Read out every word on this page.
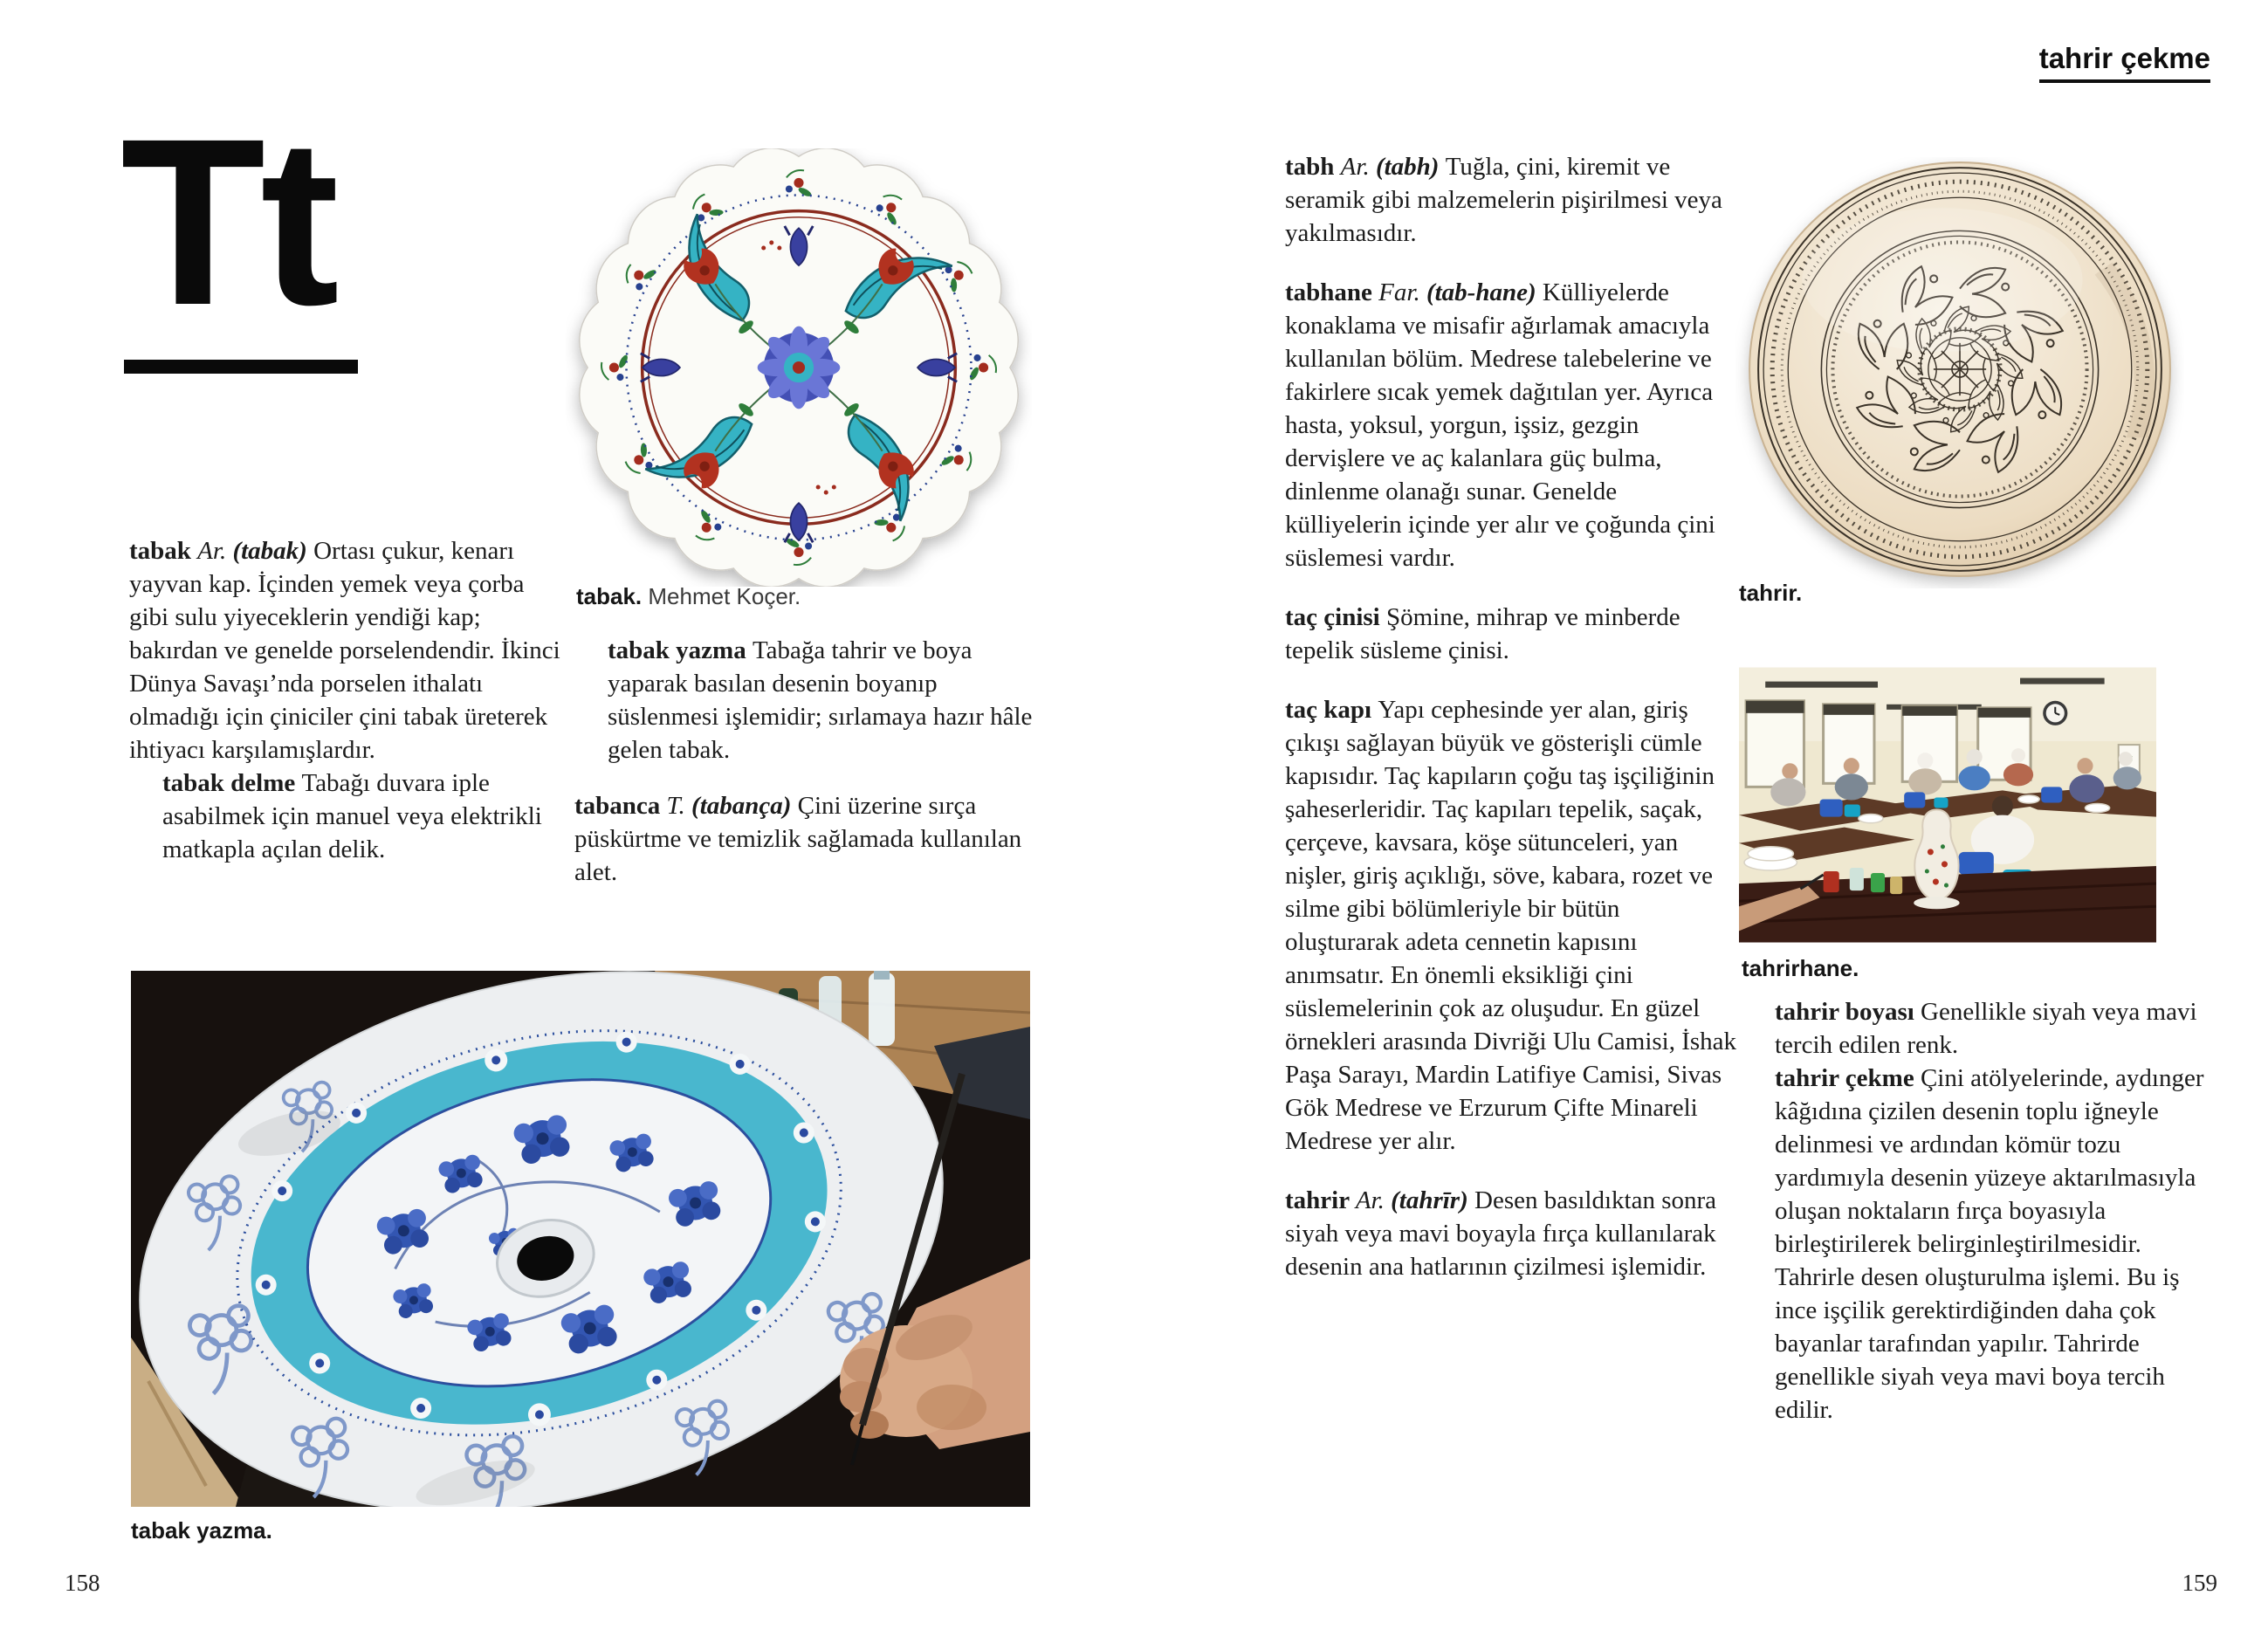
Tt
tabak. Mehmet Koçer.

tabak Ar. (tabak) Ortası çukur, kenarı yayvan kap. İçinden yemek veya çorba gibi sulu yiyeceklerin yendiği kap; bakırdan ve genelde porselendendir. İkinci Dünya Savaşı’nda porselen ithalatı olmadığı için çiniciler çini tabak üreterek ihtiyacı karşılamışlardır.

tabak delme Tabağı duvara iple asabilmek için manuel veya elektrikli matkapla açılan delik.

tabak yazma Tabağa tahrir ve boya yaparak basılan desenin boyanıp süslenmesi işlemidir; sırlamaya hazır hâle gelen tabak.

tabanca T. (tabança) Çini üzerine sırça püskürtme ve temizlik sağlamada kullanılan alet.

tabak yazma.
158
tahrir çekme

tabh Ar. (tabh) Tuğla, çini, kiremit ve seramik gibi malzemelerin pişirilmesi veya yakılmasıdır.

tabhane Far. (tab-hane) Külliyelerde konaklama ve misafir ağırlamak amacıyla kullanılan bölüm. Medrese talebelerine ve fakirlere sıcak yemek dağıtılan yer. Ayrıca hasta, yoksul, yorgun, işsiz, gezgin dervişlere ve aç kalanlara güç bulma, dinlenme olanağı sunar. Genelde külliyelerin içinde yer alır ve çoğunda çini süslemesi vardır.

taç çinisi Şömine, mihrap ve minberde tepelik süsleme çinisi.

taç kapı Yapı cephesinde yer alan, giriş çıkışı sağlayan büyük ve gösterişli cümle kapısıdır. Taç kapıların çoğu taş işçiliğinin şaheserleridir. Taç kapıları tepelik, saçak, çerçeve, kavsara, köşe sütunceleri, yan nişler, giriş açıklığı, söve, kabara, rozet ve silme gibi bölümleriyle bir bütün oluşturarak adeta cennetin kapısını anımsatır. En önemli eksikliği çini süslemelerinin çok az oluşudur. En güzel örnekleri arasında Divriği Ulu Camisi, İshak Paşa Sarayı, Mardin Latifiye Camisi, Sivas Gök Medrese ve Erzurum Çifte Minareli Medrese yer alır.

tahrir Ar. (tahrīr) Desen basıldıktan sonra siyah veya mavi boyayla fırça kullanılarak desenin ana hatlarının çizilmesi işlemidir.

tahrir.
tahrirhane.

tahrir boyası Genellikle siyah veya mavi tercih edilen renk.

tahrir çekme Çini atölyelerinde, aydınger kâğıdına çizilen desenin toplu iğneyle delinmesi ve ardından kömür tozu yardımıyla desenin yüzeye aktarılmasıyla oluşan noktaların fırça boyasıyla birleştirilerek belirginleştirilmesidir. Tahrirle desen oluşturulma işlemi. Bu iş ince işçilik gerektirdiğinden daha çok bayanlar tarafından yapılır. Tahrirde genellikle siyah veya mavi boya tercih edilir.

159
